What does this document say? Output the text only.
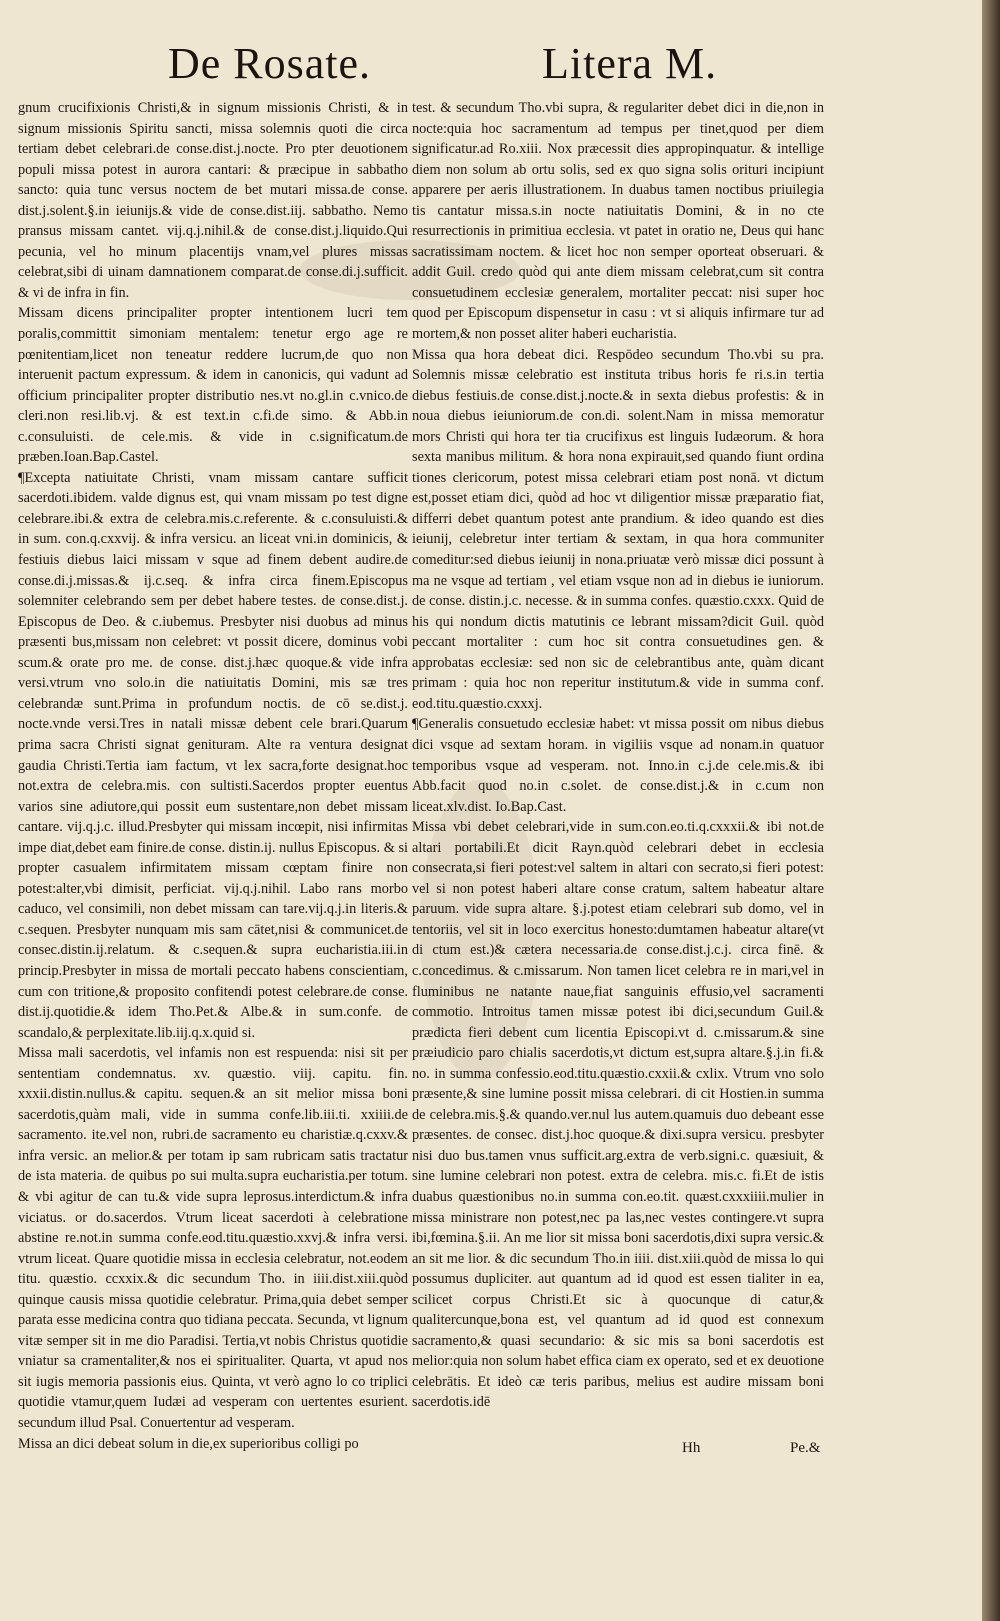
De Rosate.	Litera M.

gnum crucifixionis Christi,& in signum missionis Christi, & in signum missionis Spiritu sancti, missa solemnis quoti die circa tertiam debet celebrari.de conse.dist.j.nocte. Pro pter deuotionem populi missa potest in aurora cantari: & præcipue in sabbatho sancto: quia tunc versus noctem de bet mutari missa.de conse. dist.j.solent.§.in ieiunijs.& vide de conse.dist.iij. sabbatho. Nemo pransus missam cantet. vij.q.j.nihil.& de conse.dist.j.liquido.Qui pecunia, vel ho minum placentijs vnam,vel plures missas celebrat,sibi di uinam damnationem comparat.de conse.di.j.sufficit. & vi de infra in fin.

Missam dicens principaliter propter intentionem lucri tem poralis,committit simoniam mentalem: tenetur ergo age re pœnitentiam,licet non teneatur reddere lucrum,de quo non interuenit pactum expressum. & idem in canonicis, qui vadunt ad officium principaliter propter distributio nes.vt no.gl.in c.vnico.de cleri.non resi.lib.vj. & est text.in c.fi.de simo. & Abb.in c.consuluisti. de cele.mis. & vide in c.significatum.de præben.Ioan.Bap.Castel.

¶Excepta natiuitate Christi, vnam missam cantare sufficit sacerdoti.ibidem. valde dignus est, qui vnam missam po test digne celebrare.ibi.& extra de celebra.mis.c.referente. & c.consuluisti.& in sum. con.q.cxxvij. & infra versicu. an liceat vni.in dominicis, & festiuis diebus laici missam v sque ad finem debent audire.de conse.di.j.missas.& ij.c.seq. & infra circa finem.Episcopus solemniter celebrando sem per debet habere testes. de conse.dist.j. Episcopus de Deo. & c.iubemus. Presbyter nisi duobus ad minus præsenti bus,missam non celebret: vt possit dicere, dominus vobi scum.& orate pro me. de conse. dist.j.hæc quoque.& vide infra versi.vtrum vno solo.in die natiuitatis Domini, mis sæ tres celebrandæ sunt.Prima in profundum noctis. de cō se.dist.j. nocte.vnde versi.Tres in natali missæ debent cele brari.Quarum prima sacra Christi signat genituram. Alte ra ventura designat gaudia Christi.Tertia iam factum, vt lex sacra,forte designat.hoc not.extra de celebra.mis. con sultisti.Sacerdos propter euentus varios sine adiutore,qui possit eum sustentare,non debet missam cantare. vij.q.j.c. illud.Presbyter qui missam incœpit, nisi infirmitas impe diat,debet eam finire.de conse. distin.ij. nullus Episcopus. & si propter casualem infirmitatem missam cœptam finire non potest:alter,vbi dimisit, perficiat. vij.q.j.nihil. Labo rans morbo caduco, vel consimili, non debet missam can tare.vij.q.j.in literis.& c.sequen. Presbyter nunquam mis sam cātet,nisi & communicet.de consec.distin.ij.relatum. & c.sequen.& supra eucharistia.iii.in princip.Presbyter in missa de mortali peccato habens conscientiam, cum con tritione,& proposito confitendi potest celebrare.de conse. dist.ij.quotidie.& idem Tho.Pet.& Albe.& in sum.confe. de scandalo,& perplexitate.lib.iij.q.x.quid si.

Missa mali sacerdotis, vel infamis non est respuenda: nisi sit per sententiam condemnatus. xv. quæstio. viij. capitu. fin. xxxii.distin.nullus.& capitu. sequen.& an sit melior missa boni sacerdotis,quàm mali, vide in summa confe.lib.iii.ti. xxiiii.de sacramento. ite.vel non, rubri.de sacramento eu charistiæ.q.cxxv.& infra versic. an melior.& per totam ip sam rubricam satis tractatur de ista materia. de quibus po sui multa.supra eucharistia.per totum. & vbi agitur de can tu.& vide supra leprosus.interdictum.& infra viciatus. or do.sacerdos. Vtrum liceat sacerdoti à celebratione abstine re.not.in summa confe.eod.titu.quæstio.xxvj.& infra versi. vtrum liceat. Quare quotidie missa in ecclesia celebratur, not.eodem titu. quæstio. ccxxix.& dic secundum Tho. in iiii.dist.xiii.quòd quinque causis missa quotidie celebratur. Prima,quia debet semper parata esse medicina contra quo tidiana peccata. Secunda, vt lignum vitæ semper sit in me dio Paradisi. Tertia,vt nobis Christus quotidie vniatur sa cramentaliter,& nos ei spiritualiter. Quarta, vt apud nos sit iugis memoria passionis eius. Quinta, vt verò agno lo co triplici quotidie vtamur,quem Iudæi ad vesperam con uertentes esurient. secundum illud Psal. Conuertentur ad vesperam.

Missa an dici debeat solum in die,ex superioribus colligi po

test. & secundum Tho.vbi supra, & regulariter debet dici in die,non in nocte:quia hoc sacramentum ad tempus per tinet,quod per diem significatur.ad Ro.xiii. Nox præcessit dies appropinquatur. & intellige diem non solum ab ortu solis, sed ex quo signa solis orituri incipiunt apparere per aeris illustrationem. In duabus tamen noctibus priuilegia tis cantatur missa.s.in nocte natiuitatis Domini, & in no cte resurrectionis in primitiua ecclesia. vt patet in oratio ne, Deus qui hanc sacratissimam noctem. & licet hoc non semper oporteat obseruari. & addit Guil. credo quòd qui ante diem missam celebrat,cum sit contra consuetudinem ecclesiæ generalem, mortaliter peccat: nisi super hoc quod per Episcopum dispensetur in casu : vt si aliquis infirmare tur ad mortem,& non posset aliter haberi eucharistia.

Missa qua hora debeat dici. Respōdeo secundum Tho.vbi su pra. Solemnis missæ celebratio est instituta tribus horis fe ri.s.in tertia diebus festiuis.de conse.dist.j.nocte.& in sexta diebus profestis: & in noua diebus ieiuniorum.de con.di. solent.Nam in missa memoratur mors Christi qui hora ter tia crucifixus est linguis Iudæorum. & hora sexta manibus militum. & hora nona expirauit,sed quando fiunt ordina tiones clericorum, potest missa celebrari etiam post nonā. vt dictum est,posset etiam dici, quòd ad hoc vt diligentior missæ præparatio fiat, differri debet quantum potest ante prandium. & ideo quando est dies ieiunij, celebretur inter tertiam & sextam, in qua hora communiter comeditur:sed diebus ieiunij in nona.priuatæ verò missæ dici possunt à ma ne vsque ad tertiam , vel etiam vsque non ad in diebus ie iuniorum. de conse. distin.j.c. necesse. & in summa confes. quæstio.cxxx. Quid de his qui nondum dictis matutinis ce lebrant missam?dicit Guil. quòd peccant mortaliter : cum hoc sit contra consuetudines gen. & approbatas ecclesiæ: sed non sic de celebrantibus ante, quàm dicant primam : quia hoc non reperitur institutum.& vide in summa conf. eod.titu.quæstio.cxxxj.

¶Generalis consuetudo ecclesiæ habet: vt missa possit om nibus diebus dici vsque ad sextam horam. in vigiliis vsque ad nonam.in quatuor temporibus vsque ad vesperam. not. Inno.in c.j.de cele.mis.& ibi Abb.facit quod no.in c.solet. de conse.dist.j.& in c.cum non liceat.xlv.dist. Io.Bap.Cast.

Missa vbi debet celebrari,vide in sum.con.eo.ti.q.cxxxii.& ibi not.de altari portabili.Et dicit Rayn.quòd celebrari debet in ecclesia consecrata,si fieri potest:vel saltem in altari con secrato,si fieri potest: vel si non potest haberi altare conse cratum, saltem habeatur altare paruum. vide supra altare. §.j.potest etiam celebrari sub domo, vel in tentoriis, vel sit in loco exercitus honesto:dumtamen habeatur altare(vt di ctum est.)& cætera necessaria.de conse.dist.j.c.j. circa finē. & c.concedimus. & c.missarum. Non tamen licet celebra re in mari,vel in fluminibus ne natante naue,fiat sanguinis effusio,vel sacramenti commotio. Introitus tamen missæ potest ibi dici,secundum Guil.& prædicta fieri debent cum licentia Episcopi.vt d. c.missarum.& sine præiudicio paro chialis sacerdotis,vt dictum est,supra altare.§.j.in fi.& no. in summa confessio.eod.titu.quæstio.cxxii.& cxlix. Vtrum vno solo præsente,& sine lumine possit missa celebrari. di cit Hostien.in summa de celebra.mis.§.& quando.ver.nul lus autem.quamuis duo debeant esse præsentes. de consec. dist.j.hoc quoque.& dixi.supra versicu. presbyter nisi duo bus.tamen vnus sufficit.arg.extra de verb.signi.c. quæsiuit, & sine lumine celebrari non potest. extra de celebra. mis.c. fi.Et de istis duabus quæstionibus no.in summa con.eo.tit. quæst.cxxxiiii.mulier in missa ministrare non potest,nec pa las,nec vestes contingere.vt supra ibi,fœmina.§.ii. An me lior sit missa boni sacerdotis,dixi supra versic.& an sit me lior. & dic secundum Tho.in iiii. dist.xiii.quòd de missa lo qui possumus dupliciter. aut quantum ad id quod est essen tialiter in ea, scilicet corpus Christi.Et sic à quocunque di catur,& qualitercunque,bona est, vel quantum ad id quod est connexum sacramento,& quasi secundario: & sic mis sa boni sacerdotis est melior:quia non solum habet effica ciam ex operato, sed et ex deuotione celebrātis. Et ideò cæ teris paribus, melius est audire missam boni sacerdotis.idē

Hh	Pe.&
